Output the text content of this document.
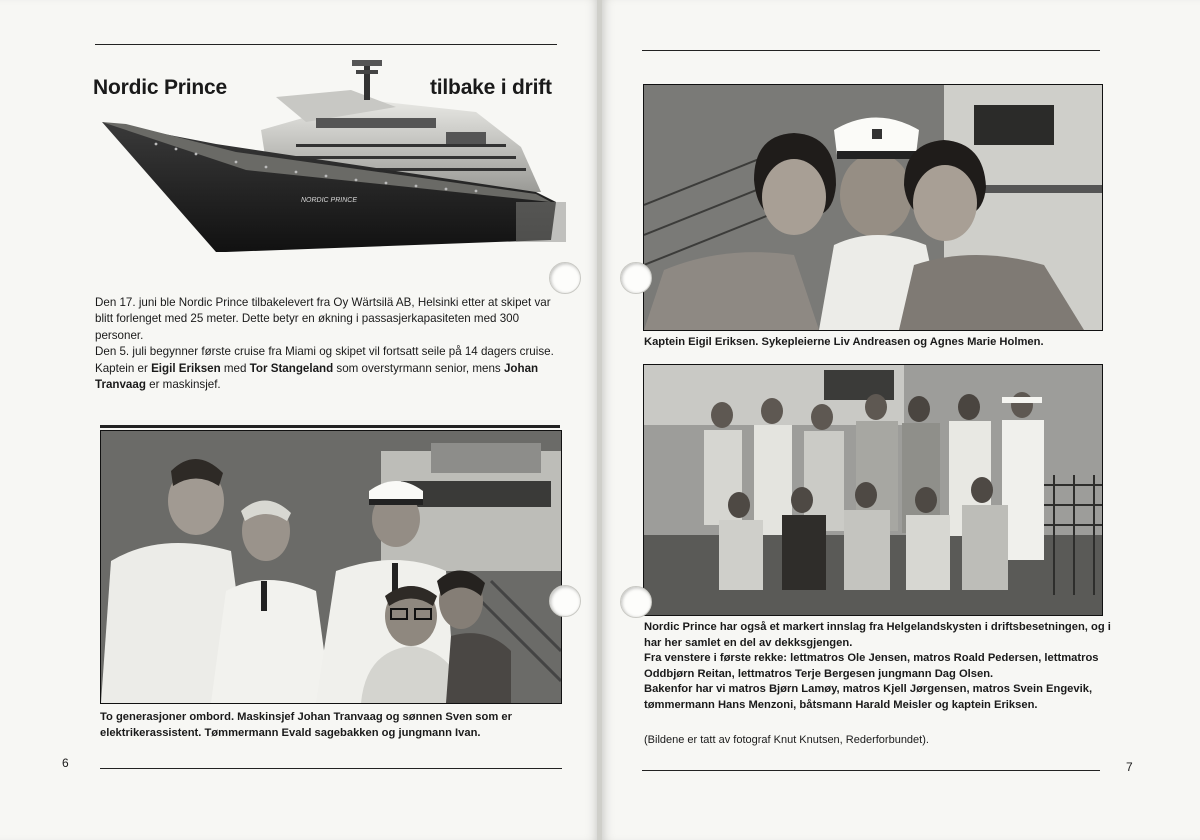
Nordic Prince	tilbake i drift
NORDIC PRINCE

Den 17. juni ble Nordic Prince tilbakelevert fra Oy Wärtsilä AB, Helsinki etter at skipet var blitt forlenget med 25 meter. Dette betyr en økning i passasjerkapasiteten med 300 personer.

Den 5. juli begynner første cruise fra Miami og skipet vil fortsatt seile på 14 dagers cruise.

Kaptein er Eigil Eriksen med Tor Stangeland som overstyrmann senior, mens Johan Tranvaag er maskinsjef.

To generasjoner ombord. Maskinsjef Johan Tranvaag og sønnen Sven som er elektrikerassistent. Tømmermann Evald sagebakken og jungmann Ivan.
6
Kaptein Eigil Eriksen. Sykepleierne Liv Andreasen og Agnes Marie Holmen.

Nordic Prince har også et markert innslag fra Helgelandskysten i driftsbesetningen, og i har her samlet en del av dekksgjengen.

Fra venstere i første rekke: lettmatros Ole Jensen, matros Roald Pedersen, lettmatros Oddbjørn Reitan, lettmatros Terje Bergesen jungmann Dag Olsen.

Bakenfor har vi matros Bjørn Lamøy, matros Kjell Jørgensen, matros Svein Engevik, tømmermann Hans Menzoni, båtsmann Harald Meisler og kaptein Eriksen.

(Bildene er tatt av fotograf Knut Knutsen, Rederforbundet).
7
